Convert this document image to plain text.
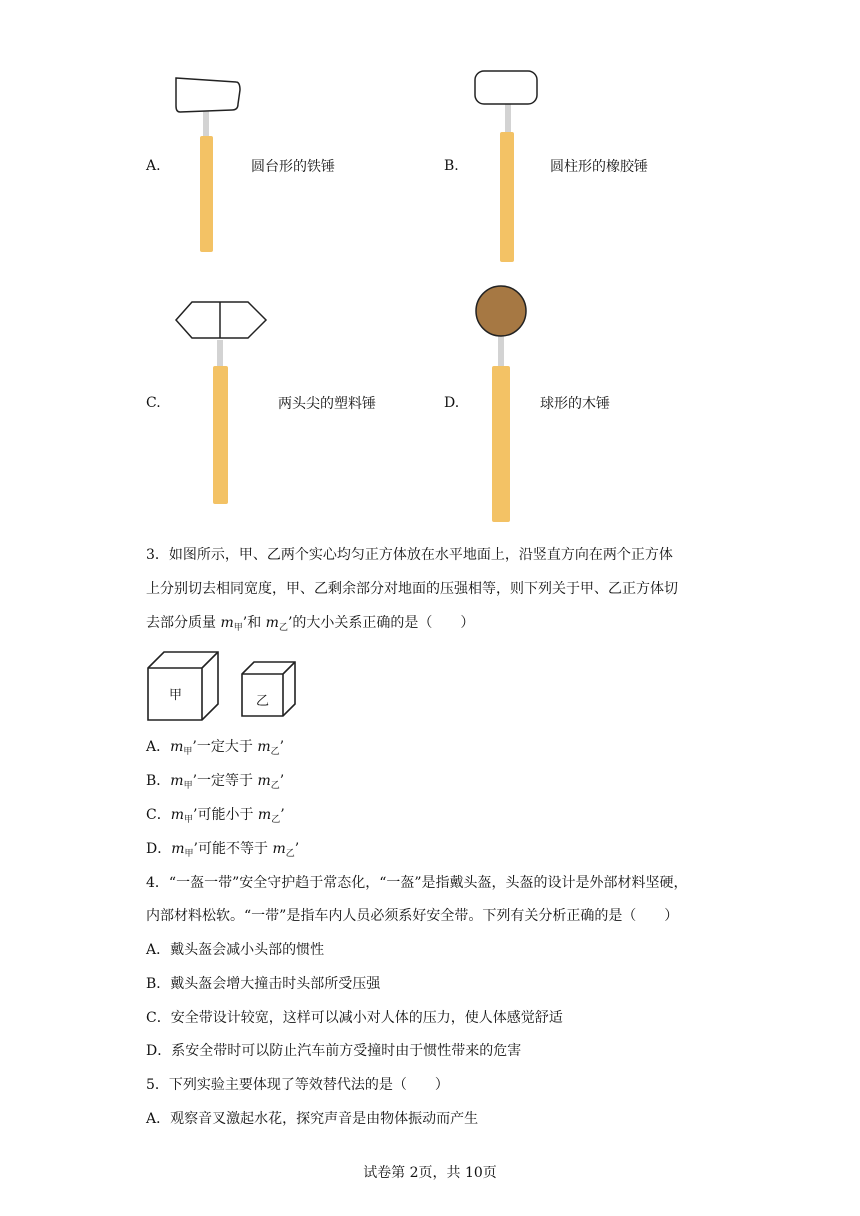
A.	圆台形的铁锤	B.	圆柱形的橡胶锤
C.	两头尖的塑料锤	D.	球形的木锤
3．如图所示，甲、乙两个实心均匀正方体放在水平地面上，沿竖直方向在两个正方体
上分别切去相同宽度，甲、乙剩余部分对地面的压强相等，则下列关于甲、乙正方体切
去部分质量 $m_甲$’和 $m_乙$’的大小关系正确的是（　　）
甲	乙
A．$m_甲$’一定大于 $m_乙$’
B．$m_甲$’一定等于 $m_乙$’
C．$m_甲$’可能小于 $m_乙$’
D．$m_甲$’可能不等于 $m_乙$’
4．“一盔一带”安全守护趋于常态化，“一盔”是指戴头盔，头盔的设计是外部材料坚硬，
内部材料松软。“一带”是指车内人员必须系好安全带。下列有关分析正确的是（　　）
A．戴头盔会减小头部的惯性
B．戴头盔会增大撞击时头部所受压强
C．安全带设计较宽，这样可以减小对人体的压力，使人体感觉舒适
D．系安全带时可以防止汽车前方受撞时由于惯性带来的危害
5．下列实验主要体现了等效替代法的是（　　）
A．观察音叉激起水花，探究声音是由物体振动而产生
试卷第 2页，共 10页
